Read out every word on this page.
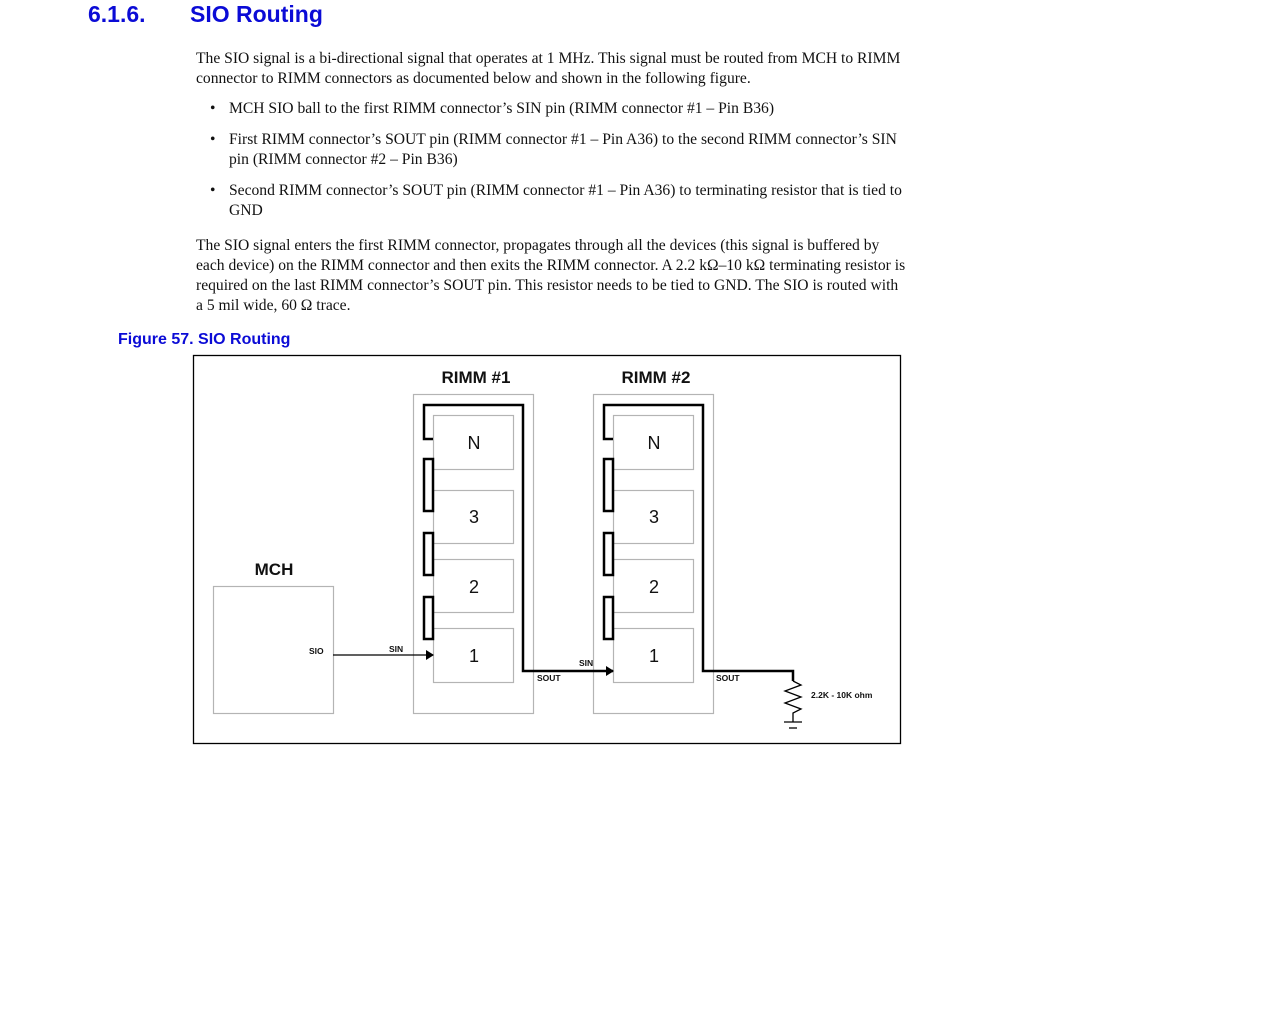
6.1.6. SIO Routing
The SIO signal is a bi-directional signal that operates at 1 MHz. This signal must be routed from MCH to RIMM connector to RIMM connectors as documented below and shown in the following figure.
• MCH SIO ball to the first RIMM connector’s SIN pin (RIMM connector #1 – Pin B36)
• First RIMM connector’s SOUT pin (RIMM connector #1 – Pin A36) to the second RIMM connector’s SIN pin (RIMM connector #2 – Pin B36)
• Second RIMM connector’s SOUT pin (RIMM connector #1 – Pin A36) to terminating resistor that is tied to GND
The SIO signal enters the first RIMM connector, propagates through all the devices (this signal is buffered by each device) on the RIMM connector and then exits the RIMM connector. A 2.2 kΩ–10 kΩ terminating resistor is required on the last RIMM connector’s SOUT pin. This resistor needs to be tied to GND. The SIO is routed with a 5 mil wide, 60 Ω trace.
Figure 57. SIO Routing
MCH
SIO
RIMM #1
N
3
2
1
RIMM #2
N
3
2
1
SIN
SOUT
SIN
SOUT
2.2K - 10K ohm
